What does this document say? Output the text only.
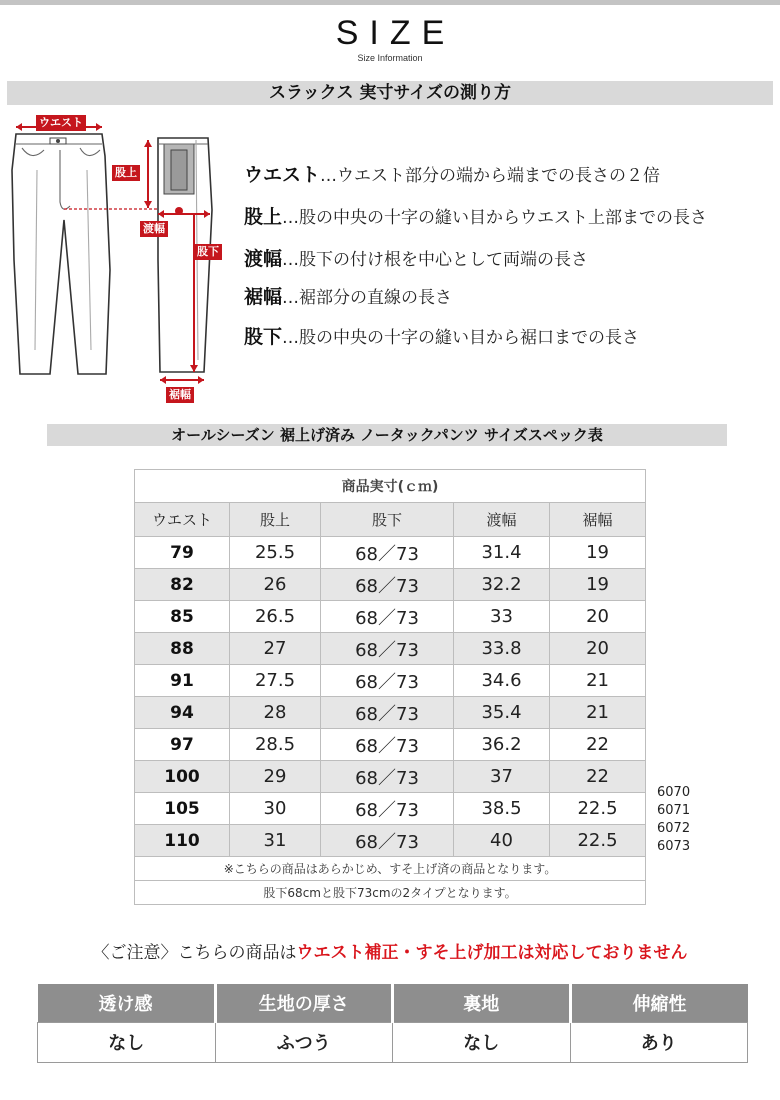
SIZE
Size Information
スラックス 実寸サイズの測り方
ウエスト
股上
渡幅
股下
裾幅
ウエスト…ウエスト部分の端から端までの長さの２倍
股上…股の中央の十字の縫い目からウエスト上部までの長さ
渡幅…股下の付け根を中心として両端の長さ
裾幅…裾部分の直線の長さ
股下…股の中央の十字の縫い目から裾口までの長さ
オールシーズン 裾上げ済み ノータックパンツ サイズスペック表
商品実寸(ｃｍ)				
ウエスト	股上	股下	渡幅	裾幅
79	25.5	68／73	31.4	19
82	26	68／73	32.2	19
85	26.5	68／73	33	20
88	27	68／73	33.8	20
91	27.5	68／73	34.6	21
94	28	68／73	35.4	21
97	28.5	68／73	36.2	22
100	29	68／73	37	22
105	30	68／73	38.5	22.5
110	31	68／73	40	22.5
※こちらの商品はあらかじめ、すそ上げ済の商品となります。				
股下68cmと股下73cmの2タイプとなります。				
6070
6071
6072
6073
〈ご注意〉こちらの商品はウエスト補正・すそ上げ加工は対応しておりません
透け感	生地の厚さ	裏地	伸縮性
なし	ふつう	なし	あり
